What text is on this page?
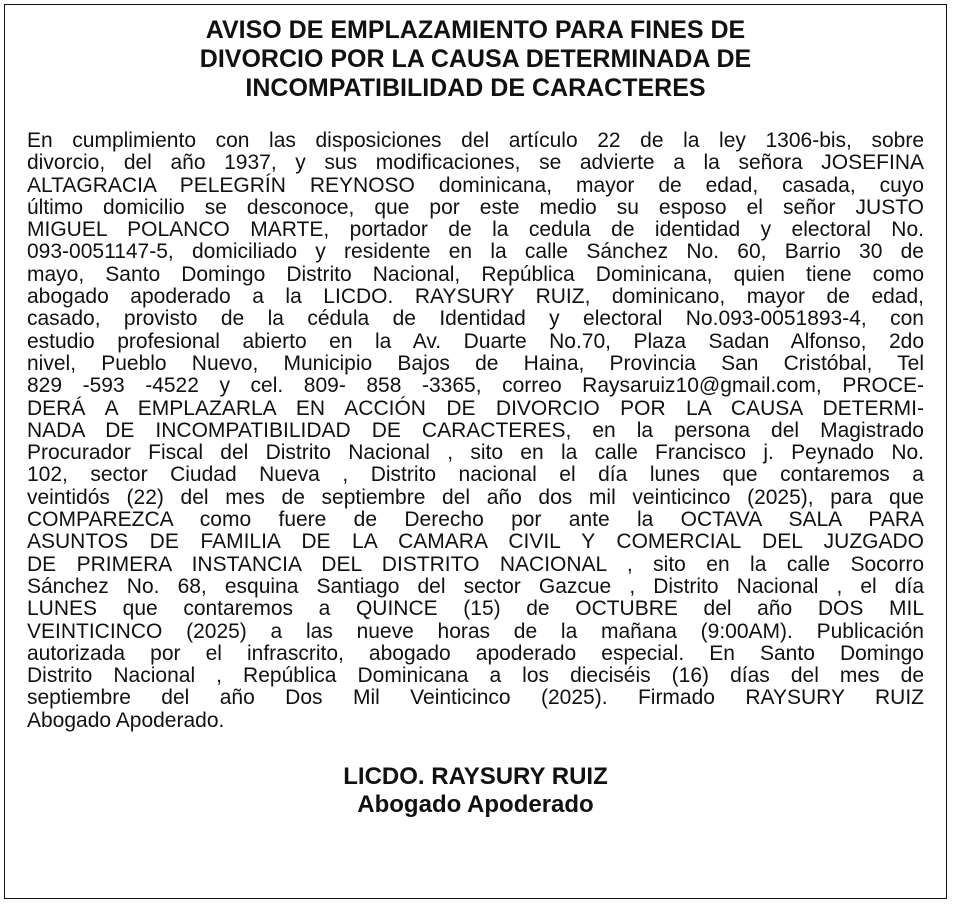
AVISO DE EMPLAZAMIENTO PARA FINES DE
DIVORCIO POR LA CAUSA DETERMINADA DE
INCOMPATIBILIDAD DE CARACTERES
En cumplimiento con las disposiciones del artículo 22 de la ley 1306-bis, sobre
divorcio, del año 1937, y sus modificaciones, se advierte a la señora JOSEFINA
ALTAGRACIA PELEGRÍN REYNOSO dominicana, mayor de edad, casada, cuyo
último domicilio se desconoce, que por este medio su esposo el señor JUSTO
MIGUEL POLANCO MARTE, portador de la cedula de identidad y electoral No.
093-0051147-5, domiciliado y residente en la calle Sánchez No. 60, Barrio 30 de
mayo, Santo Domingo Distrito Nacional, República Dominicana, quien tiene como
abogado apoderado a la LICDO. RAYSURY RUIZ, dominicano, mayor de edad,
casado, provisto de la cédula de Identidad y electoral No.093-0051893-4, con
estudio profesional abierto en la Av. Duarte No.70, Plaza Sadan Alfonso, 2do
nivel, Pueblo Nuevo, Municipio Bajos de Haina, Provincia San Cristóbal, Tel
829 -593 -4522 y cel. 809- 858 -3365, correo Raysaruiz10@gmail.com, PROCE-
DERÁ A EMPLAZARLA EN ACCIÓN DE DIVORCIO POR LA CAUSA DETERMI-
NADA DE INCOMPATIBILIDAD DE CARACTERES, en la persona del Magistrado
Procurador Fiscal del Distrito Nacional , sito en la calle Francisco j. Peynado No.
102, sector Ciudad Nueva , Distrito nacional el día lunes que contaremos a
veintidós (22) del mes de septiembre del año dos mil veinticinco (2025), para que
COMPAREZCA como fuere de Derecho por ante la OCTAVA SALA PARA
ASUNTOS DE FAMILIA DE LA CAMARA CIVIL Y COMERCIAL DEL JUZGADO
DE PRIMERA INSTANCIA DEL DISTRITO NACIONAL , sito en la calle Socorro
Sánchez No. 68, esquina Santiago del sector Gazcue , Distrito Nacional , el día
LUNES que contaremos a QUINCE (15) de OCTUBRE del año DOS MIL
VEINTICINCO (2025) a las nueve horas de la mañana (9:00AM). Publicación
autorizada por el infrascrito, abogado apoderado especial. En Santo Domingo
Distrito Nacional , República Dominicana a los dieciséis (16) días del mes de
septiembre del año Dos Mil Veinticinco (2025). Firmado RAYSURY RUIZ
Abogado Apoderado.
LICDO. RAYSURY RUIZ
Abogado Apoderado
